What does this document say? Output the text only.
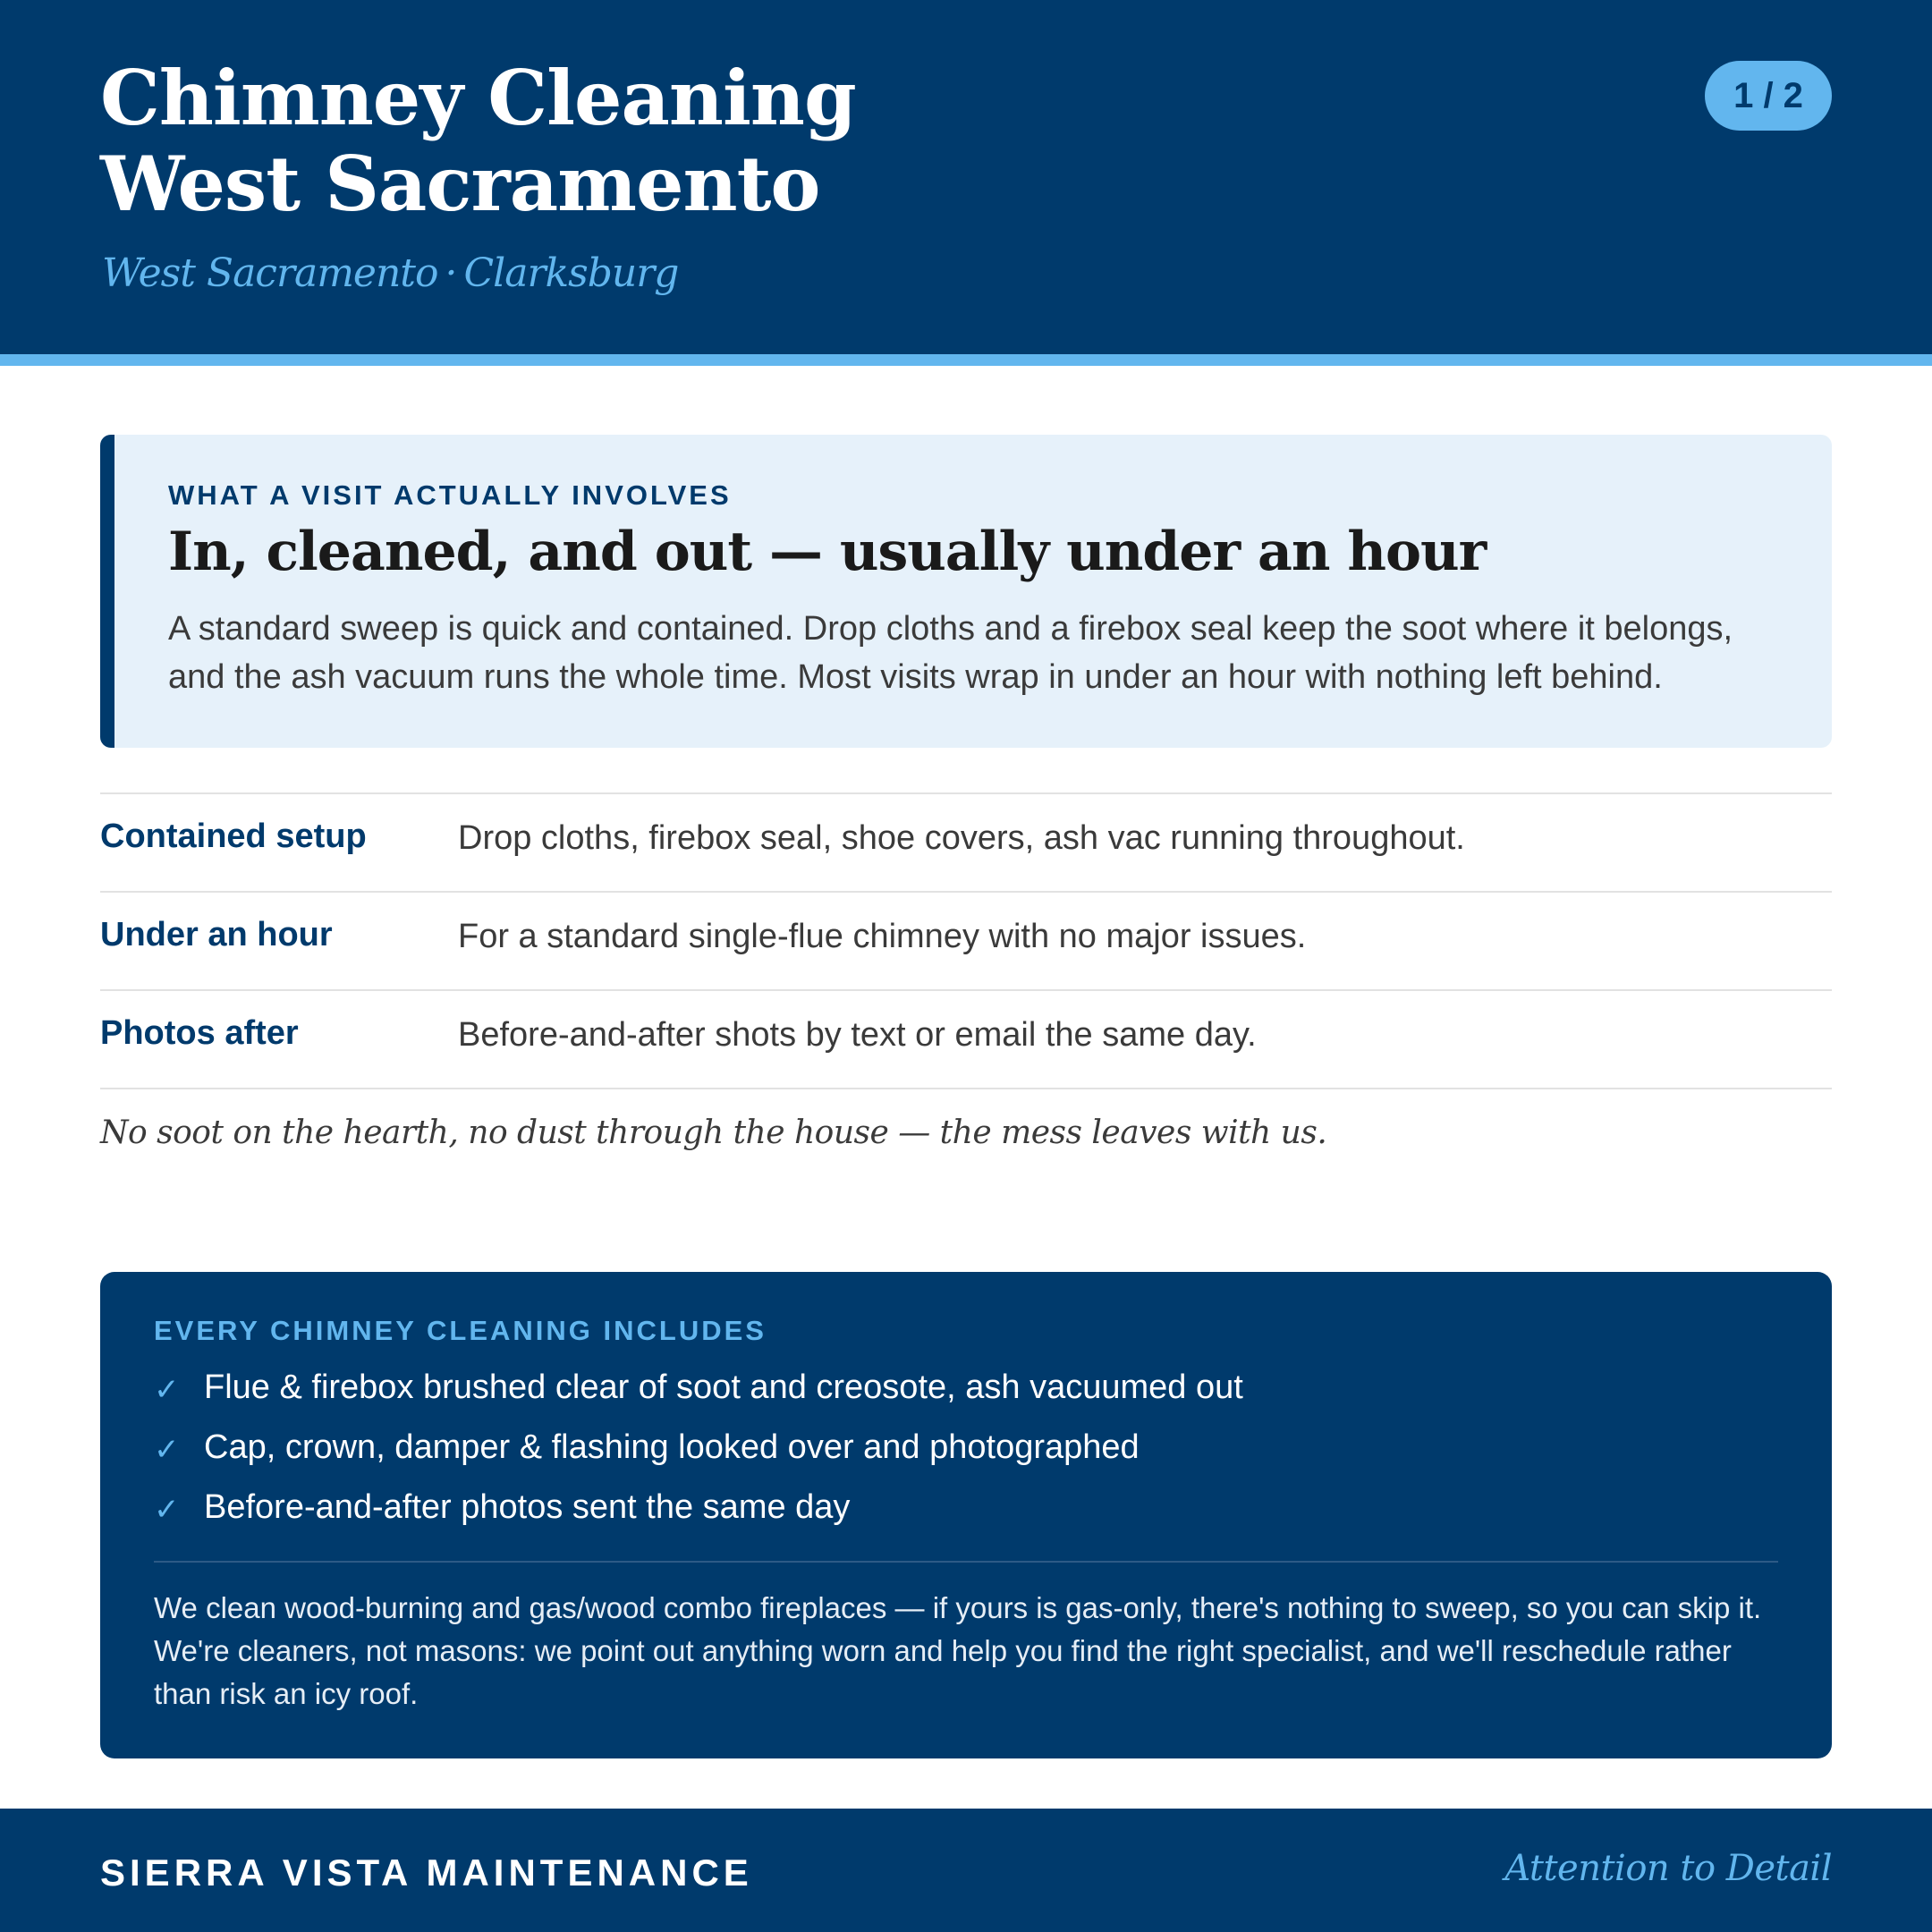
Chimney Cleaning
West Sacramento
West Sacramento · Clarksburg
1 / 2
WHAT A VISIT ACTUALLY INVOLVES
In, cleaned, and out — usually under an hour
A standard sweep is quick and contained. Drop cloths and a firebox seal keep the soot where it belongs, and the ash vacuum runs the whole time. Most visits wrap in under an hour with nothing left behind.
Contained setup	Drop cloths, firebox seal, shoe covers, ash vac running throughout.
Under an hour	For a standard single-flue chimney with no major issues.
Photos after	Before-and-after shots by text or email the same day.
No soot on the hearth, no dust through the house — the mess leaves with us.
EVERY CHIMNEY CLEANING INCLUDES
✓ Flue & firebox brushed clear of soot and creosote, ash vacuumed out
✓ Cap, crown, damper & flashing looked over and photographed
✓ Before-and-after photos sent the same day
We clean wood-burning and gas/wood combo fireplaces — if yours is gas-only, there's nothing to sweep, so you can skip it. We're cleaners, not masons: we point out anything worn and help you find the right specialist, and we'll reschedule rather than risk an icy roof.
SIERRA VISTA MAINTENANCE	Attention to Detail
